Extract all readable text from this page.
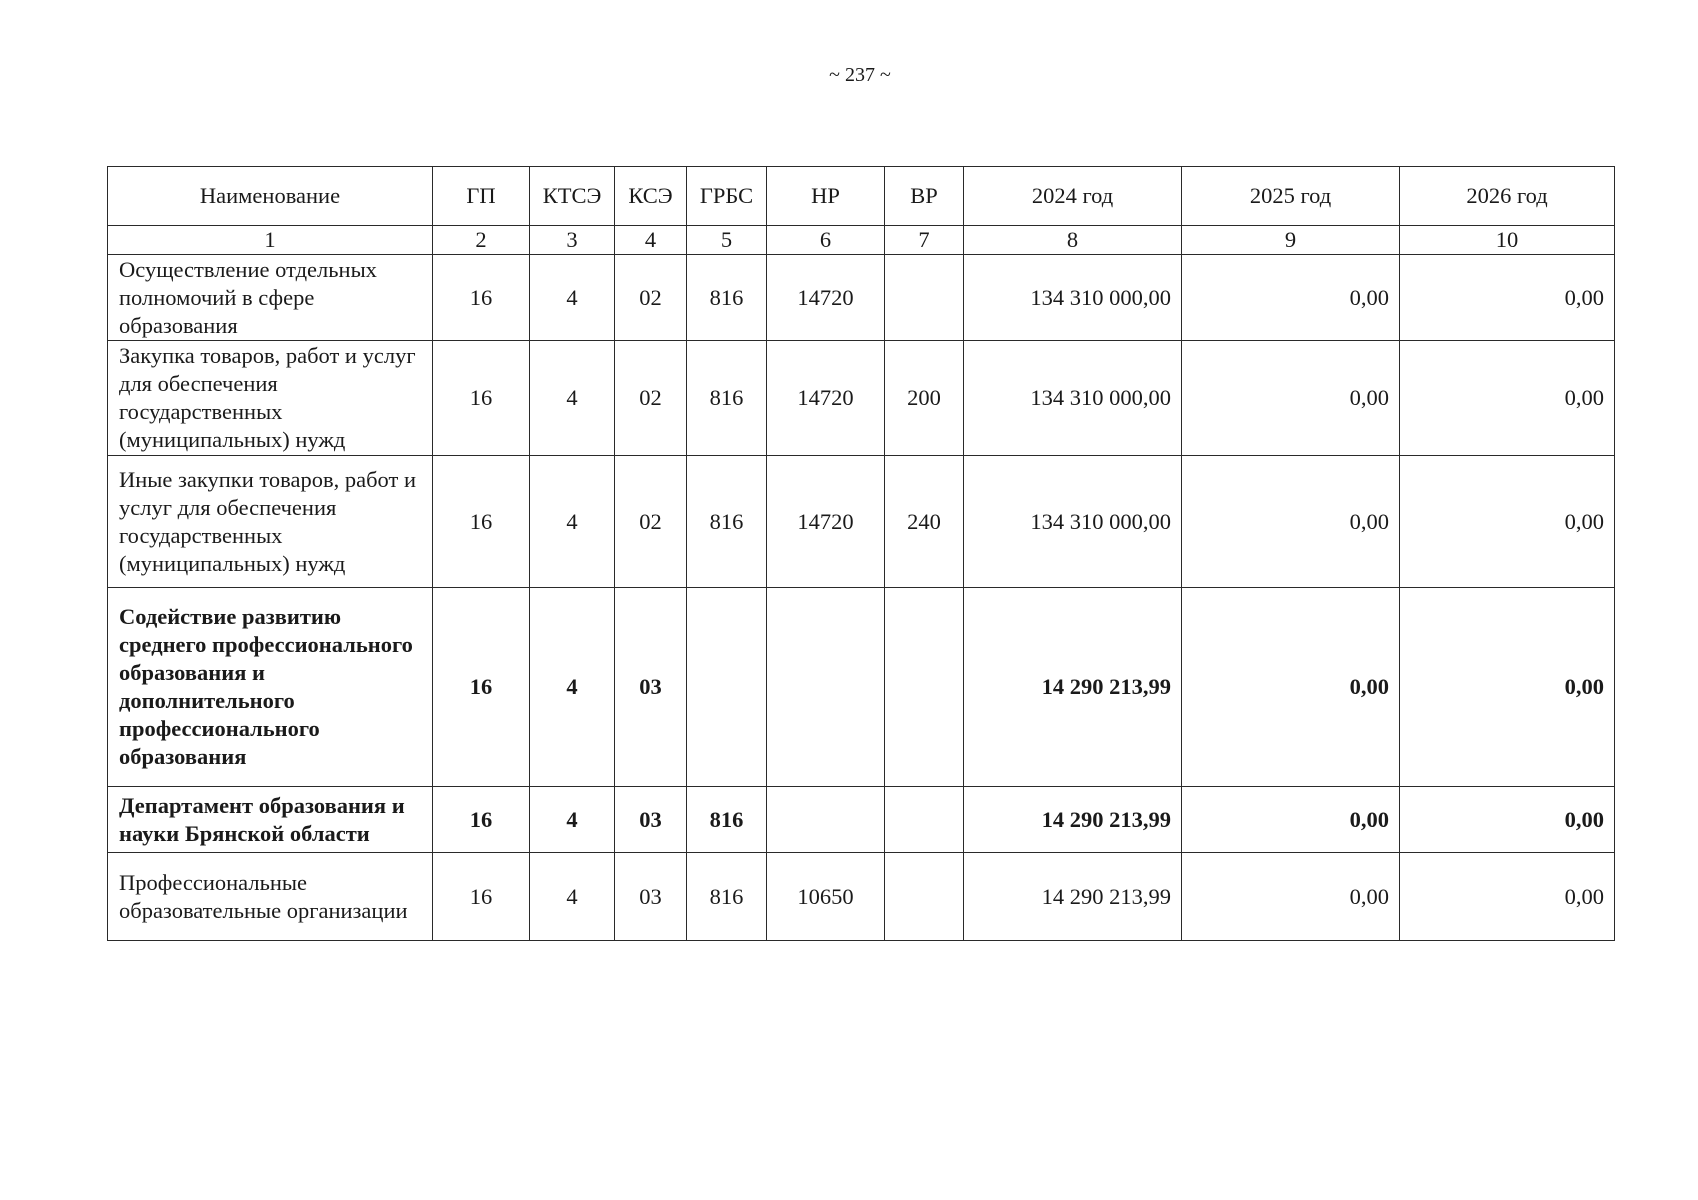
~ 237 ~
Наименование	ГП	КТСЭ	КСЭ	ГРБС	НР	ВР	2024 год	2025 год	2026 год
1	2	3	4	5	6	7	8	9	10
Осуществление отдельных полномочий в сфере образования	16	4	02	816	14720		134 310 000,00	0,00	0,00
Закупка товаров, работ и услуг для обеспечения государственных (муниципальных) нужд	16	4	02	816	14720	200	134 310 000,00	0,00	0,00
Иные закупки товаров, работ и услуг для обеспечения государственных (муниципальных) нужд	16	4	02	816	14720	240	134 310 000,00	0,00	0,00
Содействие развитию среднего профессионального образования и дополнительного профессионального образования	16	4	03				14 290 213,99	0,00	0,00
Департамент образования и науки Брянской области	16	4	03	816			14 290 213,99	0,00	0,00
Профессиональные образовательные организации	16	4	03	816	10650		14 290 213,99	0,00	0,00
